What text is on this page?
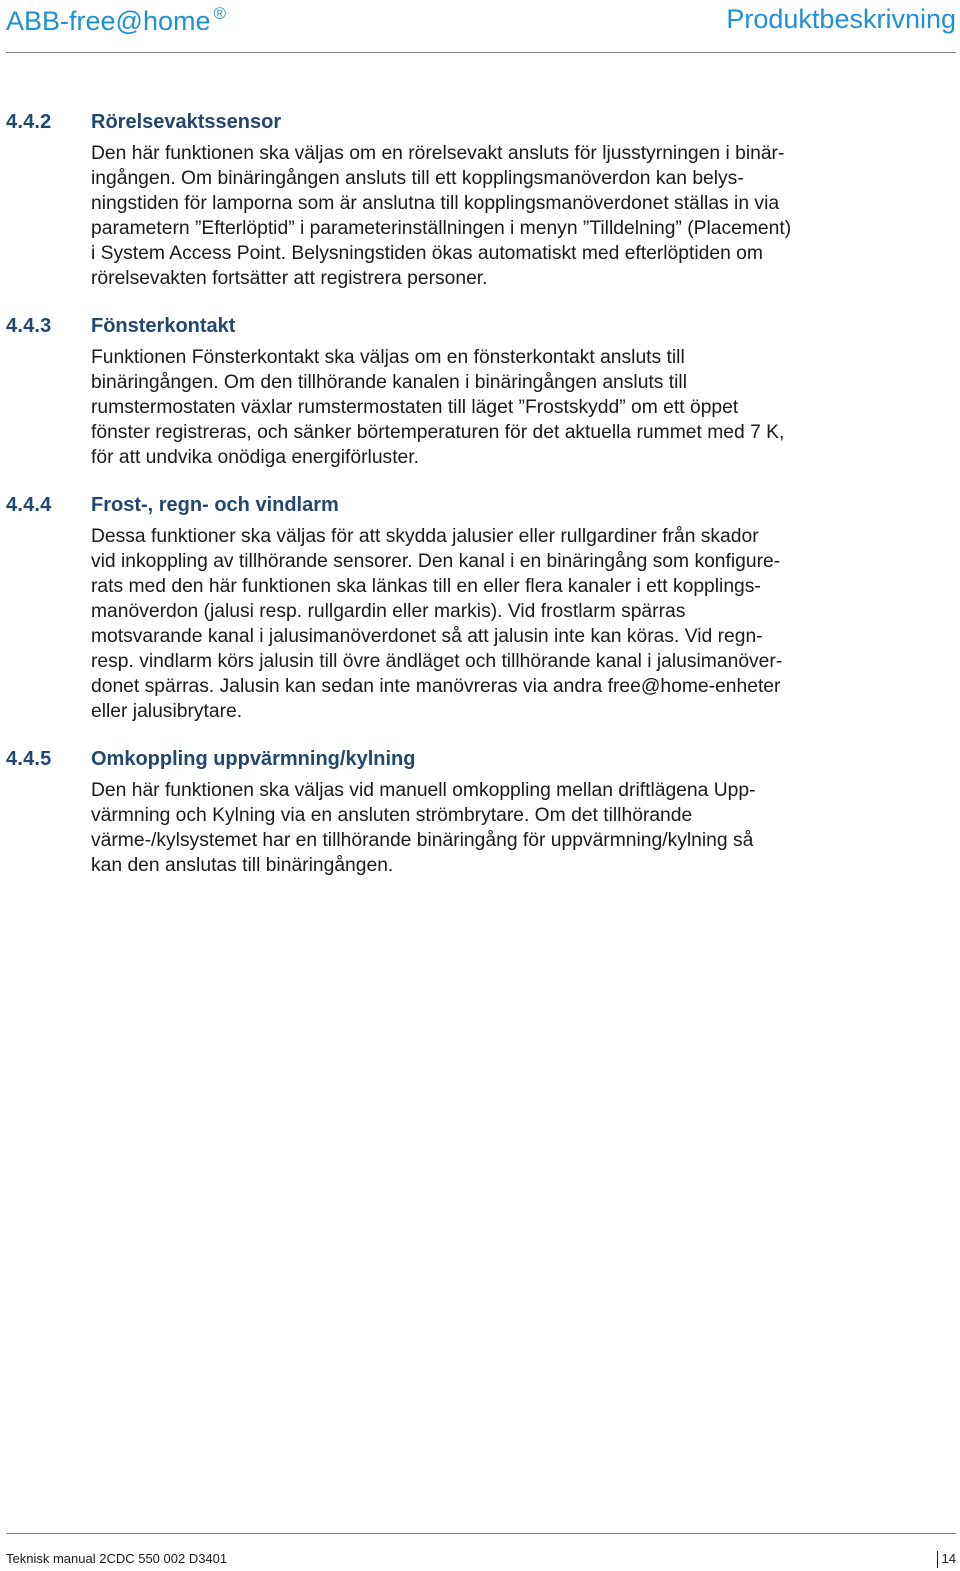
ABB-free@home ®	Produktbeskrivning
4.4.2 Rörelsevaktssensor
Den här funktionen ska väljas om en rörelsevakt ansluts för ljusstyrningen i binär-
ingången. Om binäringången ansluts till ett kopplingsmanöverdon kan belys-
ningstiden för lamporna som är anslutna till kopplingsmanöverdonet ställas in via
parametern ”Efterlöptid” i parameterinställningen i menyn ”Tilldelning” (Placement)
i System Access Point. Belysningstiden ökas automatiskt med efterlöptiden om
rörelsevakten fortsätter att registrera personer.
4.4.3 Fönsterkontakt
Funktionen Fönsterkontakt ska väljas om en fönsterkontakt ansluts till
binäringången. Om den tillhörande kanalen i binäringången ansluts till
rumstermostaten växlar rumstermostaten till läget ”Frostskydd” om ett öppet
fönster registreras, och sänker börtemperaturen för det aktuella rummet med 7 K,
för att undvika onödiga energiförluster.
4.4.4 Frost-, regn- och vindlarm
Dessa funktioner ska väljas för att skydda jalusier eller rullgardiner från skador
vid inkoppling av tillhörande sensorer. Den kanal i en binäringång som konfigure-
rats med den här funktionen ska länkas till en eller flera kanaler i ett kopplings-
manöverdon (jalusi resp. rullgardin eller markis). Vid frostlarm spärras
motsvarande kanal i jalusimanöverdonet så att jalusin inte kan köras. Vid regn-
resp. vindlarm körs jalusin till övre ändläget och tillhörande kanal i jalusimanöver-
donet spärras. Jalusin kan sedan inte manövreras via andra free@home-enheter
eller jalusibrytare.
4.4.5 Omkoppling uppvärmning/kylning
Den här funktionen ska väljas vid manuell omkoppling mellan driftlägena Upp-
värmning och Kylning via en ansluten strömbrytare. Om det tillhörande
värme-/kylsystemet har en tillhörande binäringång för uppvärmning/kylning så
kan den anslutas till binäringången.
Teknisk manual 2CDC 550 002 D3401	14
